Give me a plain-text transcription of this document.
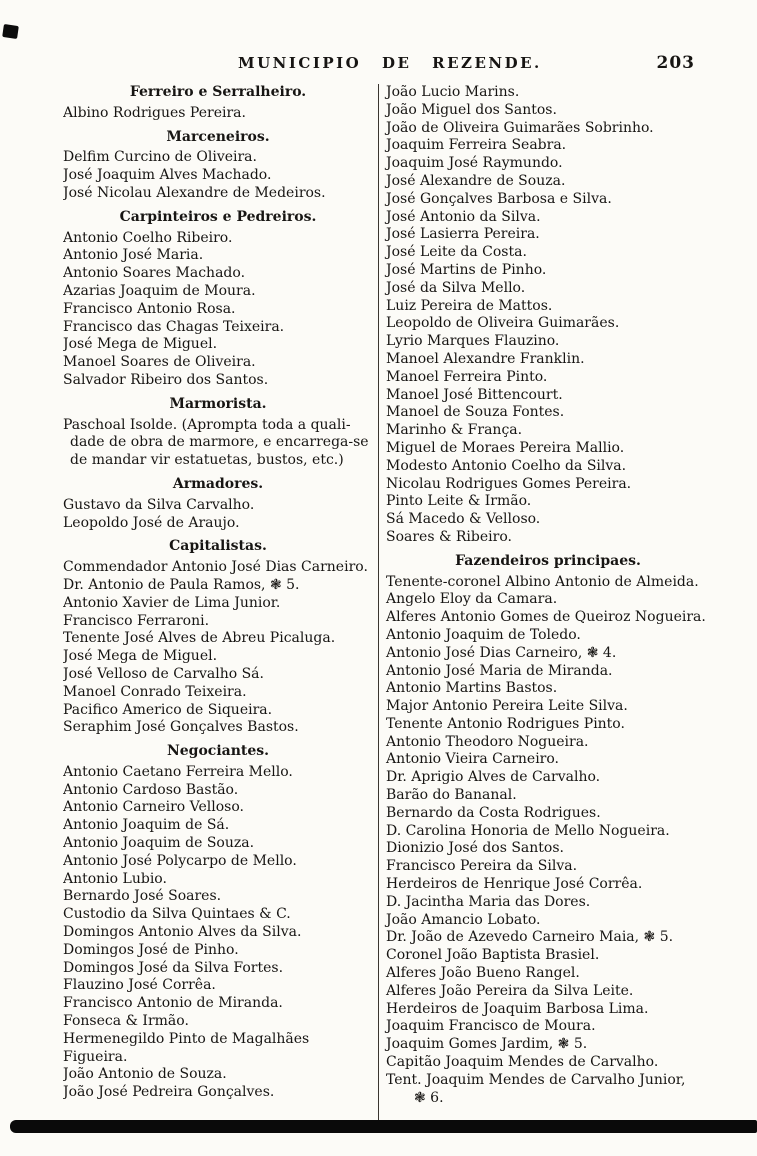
MUNICIPIO DE REZENDE.	203
Ferreiro e Serralheiro.
Albino Rodrigues Pereira.
Marceneiros.
Delfim Curcino de Oliveira.
José Joaquim Alves Machado.
José Nicolau Alexandre de Medeiros.
Carpinteiros e Pedreiros.
Antonio Coelho Ribeiro.
Antonio José Maria.
Antonio Soares Machado.
Azarias Joaquim de Moura.
Francisco Antonio Rosa.
Francisco das Chagas Teixeira.
José Mega de Miguel.
Manoel Soares de Oliveira.
Salvador Ribeiro dos Santos.
Marmorista.
Paschoal Isolde. (Aprompta toda a quali-
 dade de obra de marmore, e encarrega-se
 de mandar vir estatuetas, bustos, etc.)
Armadores.
Gustavo da Silva Carvalho.
Leopoldo José de Araujo.
Capitalistas.
Commendador Antonio José Dias Carneiro.
Dr. Antonio de Paula Ramos, ❃ 5.
Antonio Xavier de Lima Junior.
Francisco Ferraroni.
Tenente José Alves de Abreu Picaluga.
José Mega de Miguel.
José Velloso de Carvalho Sá.
Manoel Conrado Teixeira.
Pacifico Americo de Siqueira.
Seraphim José Gonçalves Bastos.
Negociantes.
Antonio Caetano Ferreira Mello.
Antonio Cardoso Bastão.
Antonio Carneiro Velloso.
Antonio Joaquim de Sá.
Antonio Joaquim de Souza.
Antonio José Polycarpo de Mello.
Antonio Lubio.
Bernardo José Soares.
Custodio da Silva Quintaes & C.
Domingos Antonio Alves da Silva.
Domingos José de Pinho.
Domingos José da Silva Fortes.
Flauzino José Corrêa.
Francisco Antonio de Miranda.
Fonseca & Irmão.
Hermenegildo Pinto de Magalhães Figueira.
João Antonio de Souza.
João José Pedreira Gonçalves.
João Lucio Marins.
João Miguel dos Santos.
João de Oliveira Guimarães Sobrinho.
Joaquim Ferreira Seabra.
Joaquim José Raymundo.
José Alexandre de Souza.
José Gonçalves Barbosa e Silva.
José Antonio da Silva.
José Lasierra Pereira.
José Leite da Costa.
José Martins de Pinho.
José da Silva Mello.
Luiz Pereira de Mattos.
Leopoldo de Oliveira Guimarães.
Lyrio Marques Flauzino.
Manoel Alexandre Franklin.
Manoel Ferreira Pinto.
Manoel José Bittencourt.
Manoel de Souza Fontes.
Marinho & França.
Miguel de Moraes Pereira Mallio.
Modesto Antonio Coelho da Silva.
Nicolau Rodrigues Gomes Pereira.
Pinto Leite & Irmão.
Sá Macedo & Velloso.
Soares & Ribeiro.
Fazendeiros principaes.
Tenente-coronel Albino Antonio de Almeida.
Angelo Eloy da Camara.
Alferes Antonio Gomes de Queiroz Nogueira.
Antonio Joaquim de Toledo.
Antonio José Dias Carneiro, ❃ 4.
Antonio José Maria de Miranda.
Antonio Martins Bastos.
Major Antonio Pereira Leite Silva.
Tenente Antonio Rodrigues Pinto.
Antonio Theodoro Nogueira.
Antonio Vieira Carneiro.
Dr. Aprigio Alves de Carvalho.
Barão do Bananal.
Bernardo da Costa Rodrigues.
D. Carolina Honoria de Mello Nogueira.
Dionizio José dos Santos.
Francisco Pereira da Silva.
Herdeiros de Henrique José Corrêa.
D. Jacintha Maria das Dores.
João Amancio Lobato.
Dr. João de Azevedo Carneiro Maia, ❃ 5.
Coronel João Baptista Brasiel.
Alferes João Bueno Rangel.
Alferes João Pereira da Silva Leite.
Herdeiros de Joaquim Barbosa Lima.
Joaquim Francisco de Moura.
Joaquim Gomes Jardim, ❃ 5.
Capitão Joaquim Mendes de Carvalho.
Tent. Joaquim Mendes de Carvalho Junior,
  ❃ 6.
